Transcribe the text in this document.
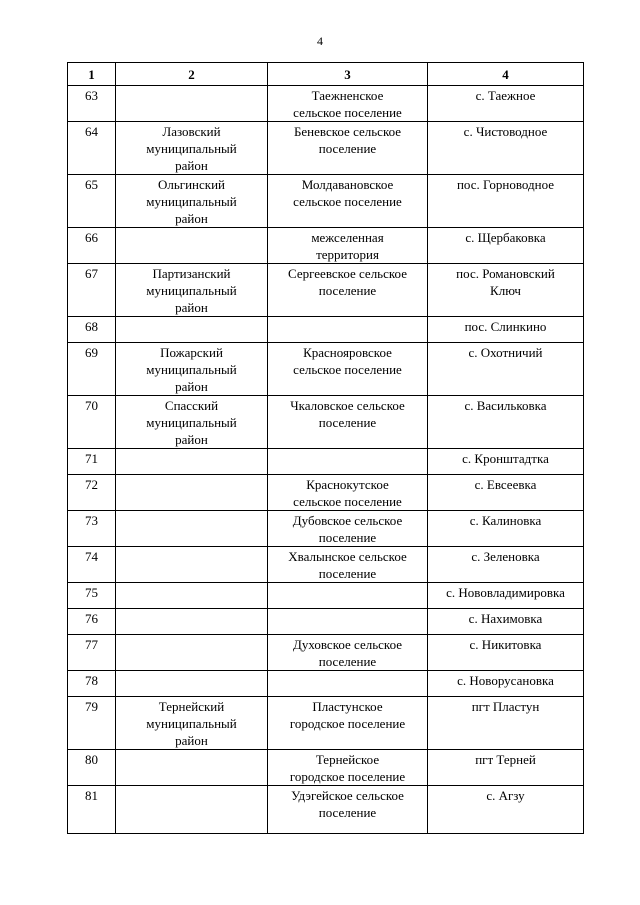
4
1	2	3	4
63		Таежненское
сельское поселение	с. Таежное
64	Лазовский
муниципальный
район	Беневское сельское
поселение	с. Чистоводное
65	Ольгинский
муниципальный
район	Молдавановское
сельское поселение	пос. Горноводное
66		межселенная
территория	с. Щербаковка
67	Партизанский
муниципальный
район	Сергеевское сельское
поселение	пос. Романовский
Ключ
68			пос. Слинкино
69	Пожарский
муниципальный
район	Краснояровское
сельское поселение	с. Охотничий
70	Спасский
муниципальный
район	Чкаловское сельское
поселение	с. Васильковка
71			с. Кронштадтка
72		Краснокутское
сельское поселение	с. Евсеевка
73		Дубовское сельское
поселение	с. Калиновка
74		Хвалынское сельское
поселение	с. Зеленовка
75			с. Нововладимировка
76			с. Нахимовка
77		Духовское сельское
поселение	с. Никитовка
78			с. Новорусановка
79	Тернейский
муниципальный
район	Пластунское
городское поселение	пгт Пластун
80		Тернейское
городское поселение	пгт Терней
81		Удэгейское сельское
поселение	с. Агзу
